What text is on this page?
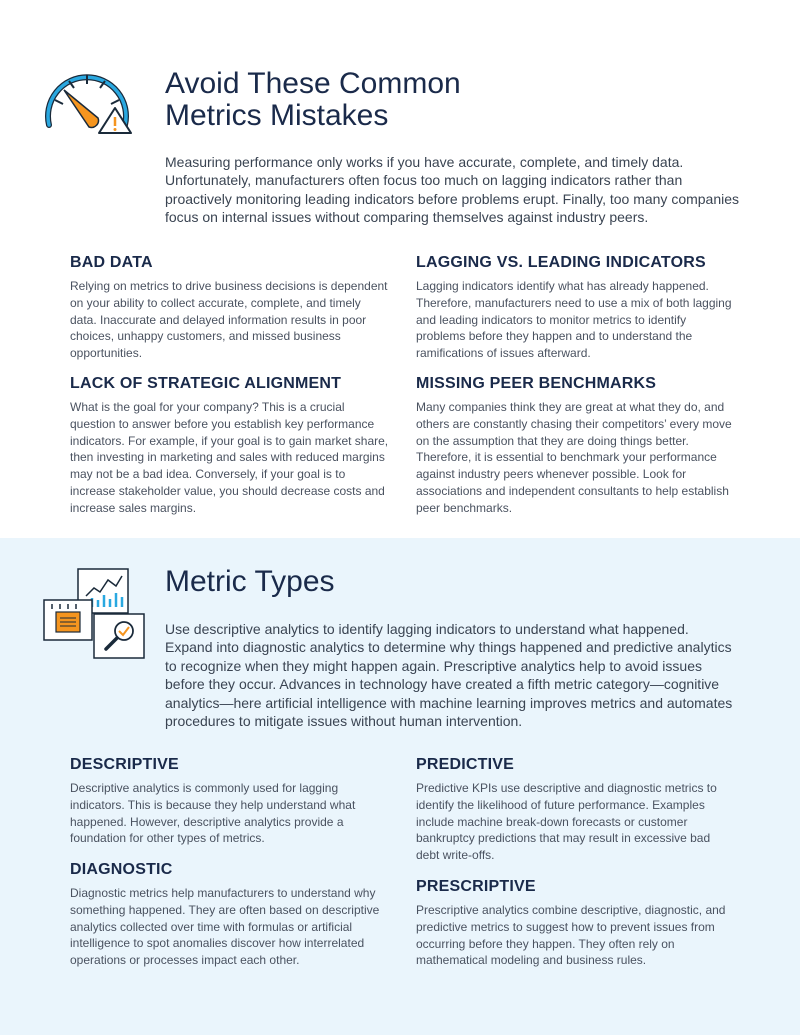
Avoid These Common
Metrics Mistakes

Measuring performance only works if you have accurate, complete, and timely data. Unfortunately, manufacturers often focus too much on lagging indicators rather than proactively monitoring leading indicators before problems erupt. Finally, too many companies focus on internal issues without comparing themselves against industry peers.

BAD DATA

Relying on metrics to drive business decisions is dependent on your ability to collect accurate, complete, and timely data. Inaccurate and delayed information results in poor choices, unhappy customers, and missed business opportunities.

LAGGING VS. LEADING INDICATORS

Lagging indicators identify what has already happened. Therefore, manufacturers need to use a mix of both lagging and leading indicators to monitor metrics to identify problems before they happen and to understand the ramifications of issues afterward.

LACK OF STRATEGIC ALIGNMENT

What is the goal for your company? This is a crucial question to answer before you establish key performance indicators. For example, if your goal is to gain market share, then investing in marketing and sales with reduced margins may not be a bad idea. Conversely, if your goal is to increase stakeholder value, you should decrease costs and increase sales margins.

MISSING PEER BENCHMARKS

Many companies think they are great at what they do, and others are constantly chasing their competitors’ every move on the assumption that they are doing things better. Therefore, it is essential to benchmark your performance against industry peers whenever possible. Look for associations and independent consultants to help establish peer benchmarks.

Metric Types

Use descriptive analytics to identify lagging indicators to understand what happened. Expand into diagnostic analytics to determine why things happened and predictive analytics to recognize when they might happen again. Prescriptive analytics help to avoid issues before they occur. Advances in technology have created a fifth metric category—cognitive analytics—here artificial intelligence with machine learning improves metrics and automates procedures to mitigate issues without human intervention.

DESCRIPTIVE

Descriptive analytics is commonly used for lagging indicators. This is because they help understand what happened. However, descriptive analytics provide a foundation for other types of metrics.

PREDICTIVE

Predictive KPIs use descriptive and diagnostic metrics to identify the likelihood of future performance. Examples include machine break-down forecasts or customer bankruptcy predictions that may result in excessive bad debt write-offs.

DIAGNOSTIC

Diagnostic metrics help manufacturers to understand why something happened. They are often based on descriptive analytics collected over time with formulas or artificial intelligence to spot anomalies discover how interrelated operations or processes impact each other.

PRESCRIPTIVE

Prescriptive analytics combine descriptive, diagnostic, and predictive metrics to suggest how to prevent issues from occurring before they happen. They often rely on mathematical modeling and business rules.
